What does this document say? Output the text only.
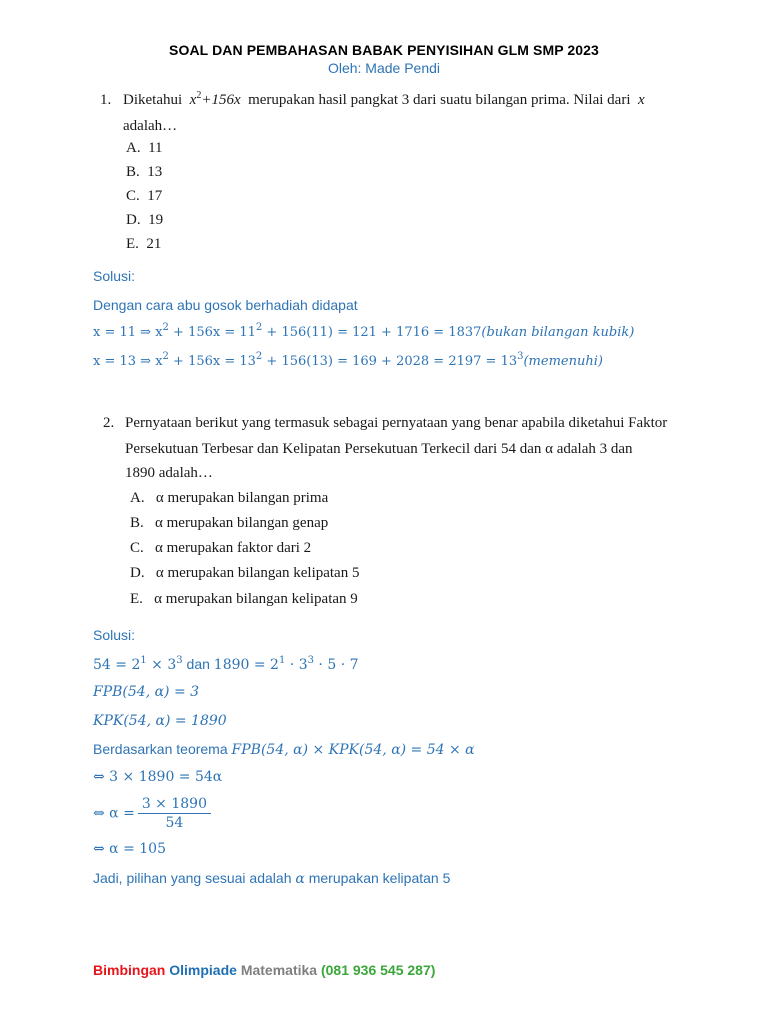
SOAL DAN PEMBAHASAN BABAK PENYISIHAN GLM SMP 2023
Oleh: Made Pendi
1. Diketahui $x^2+156x$ merupakan hasil pangkat 3 dari suatu bilangan prima. Nilai dari x
adalah…
A. 11
B. 13
C. 17
D. 19
E. 21
Solusi:
Dengan cara abu gosok berhadiah didapat
x = 11 ⇒ $x^2 + 156x = 11^2 + 156(11) = 121 + 1716$ = 1837(bukan bilangan kubik)
x = 13 ⇒ $x^2 + 156x = 13^2 + 156(13) = 169 + 2028 = 2197$ = $13^3(memenuhi)$
2. Pernyataan berikut yang termasuk sebagai pernyataan yang benar apabila diketahui Faktor
Persekutuan Terbesar dan Kelipatan Persekutuan Terkecil dari 54 dan α adalah 3 dan
1890 adalah…
A. α merupakan bilangan prima
B. α merupakan bilangan genap
C. α merupakan faktor dari 2
D. α merupakan bilangan kelipatan 5
E. α merupakan bilangan kelipatan 9
Solusi:
$54 = 2^1 \times 3^3$ dan $1890 = 2^1 \cdot 3^3 \cdot 5 \cdot 7$
FPB(54, α) = 3
KPK(54, α) = 1890
Berdasarkan teorema FPB(54, α) × KPK(54, α) = 54 × α
⇔ 3 × 1890 = 54α
⇔ $\alpha = \frac{3 \times 1890}{54}$
⇔ α = 105
Jadi, pilihan yang sesuai adalah α merupakan kelipatan 5
Bimbingan Olimpiade Matematika (081 936 545 287)
